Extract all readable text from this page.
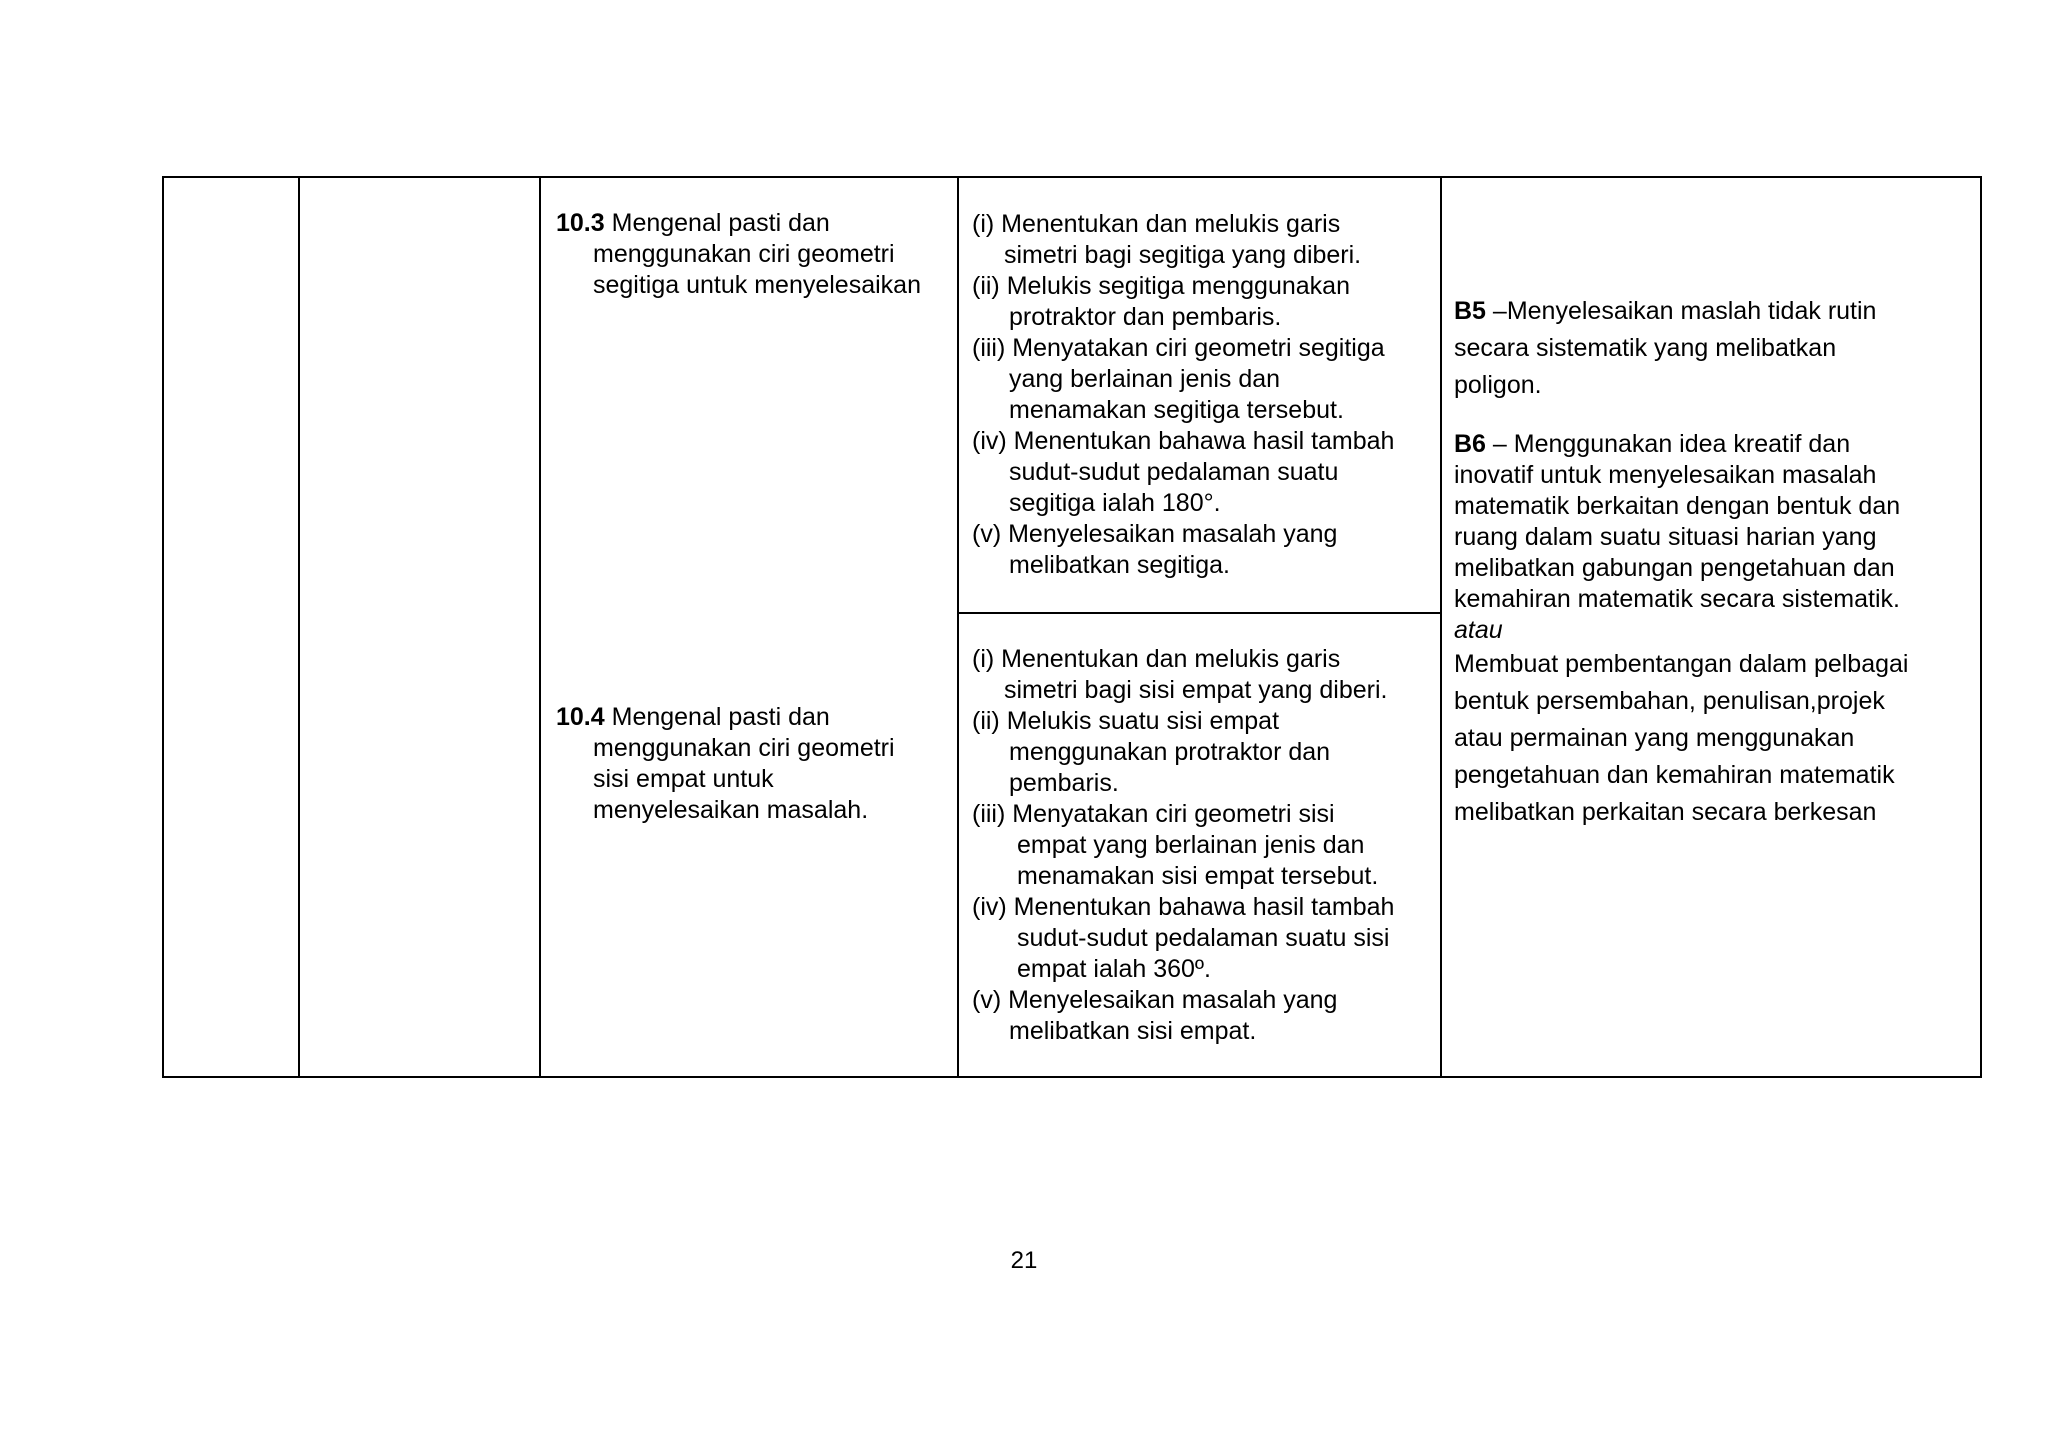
10.3 Mengenal pasti dan
menggunakan ciri geometri
segitiga untuk menyelesaikan
(i) Menentukan dan melukis garis
simetri bagi segitiga yang diberi.
(ii) Melukis segitiga menggunakan
protraktor dan pembaris.
(iii) Menyatakan ciri geometri segitiga
yang berlainan jenis dan
menamakan segitiga tersebut.
(iv) Menentukan bahawa hasil tambah
sudut-sudut pedalaman suatu
segitiga ialah 180°.
(v) Menyelesaikan masalah yang
melibatkan segitiga.
10.4 Mengenal pasti dan
menggunakan ciri geometri
sisi empat untuk
menyelesaikan masalah.
(i) Menentukan dan melukis garis
simetri bagi sisi empat yang diberi.
(ii) Melukis suatu sisi empat
menggunakan protraktor dan
pembaris.
(iii) Menyatakan ciri geometri sisi
empat yang berlainan jenis dan
menamakan sisi empat tersebut.
(iv) Menentukan bahawa hasil tambah
sudut-sudut pedalaman suatu sisi
empat ialah 360º.
(v) Menyelesaikan masalah yang
melibatkan sisi empat.
B5 –Menyelesaikan maslah tidak rutin
secara sistematik yang melibatkan
poligon.
B6 – Menggunakan idea kreatif dan
inovatif untuk menyelesaikan masalah
matematik berkaitan dengan bentuk dan
ruang dalam suatu situasi harian yang
melibatkan gabungan pengetahuan dan
kemahiran matematik secara sistematik.
atau
Membuat pembentangan dalam pelbagai
bentuk persembahan, penulisan,projek
atau permainan yang menggunakan
pengetahuan dan kemahiran matematik
melibatkan perkaitan secara berkesan
21
